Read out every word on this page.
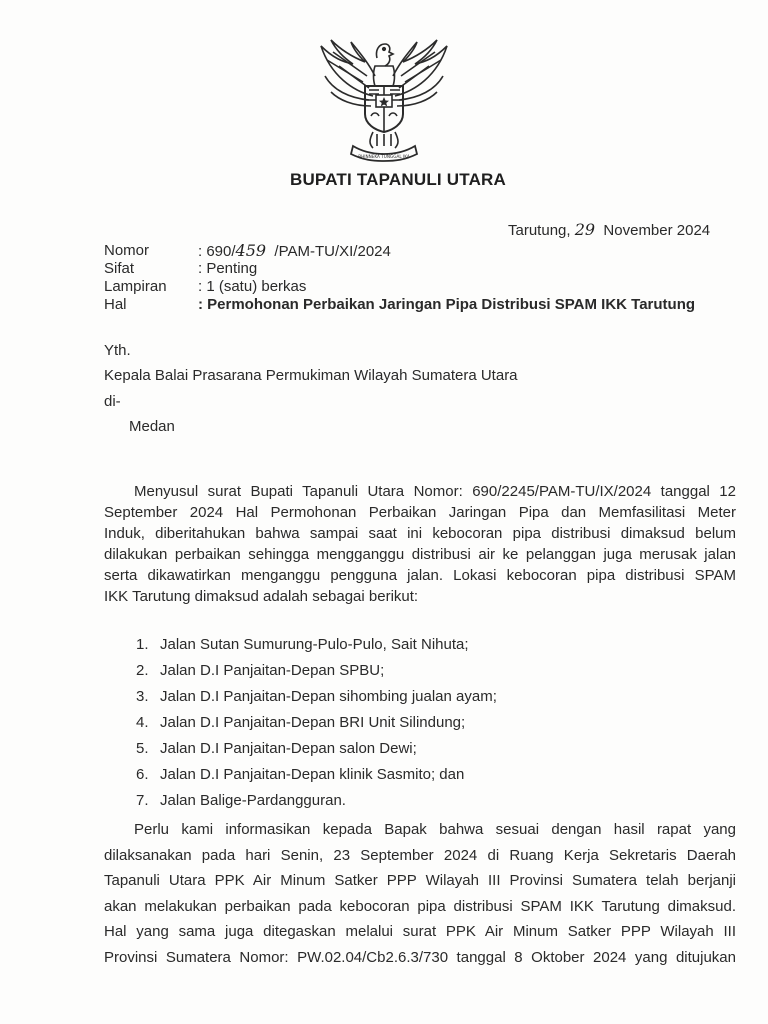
BHINNEKA TUNGGAL IKA
BUPATI TAPANULI UTARA
Tarutung, 29 November 2024
Nomor	: 690/459 /PAM-TU/XI/2024
Sifat	: Penting
Lampiran	: 1 (satu) berkas
Hal	: Permohonan Perbaikan Jaringan Pipa Distribusi SPAM IKK Tarutung
Yth.
Kepala Balai Prasarana Permukiman Wilayah Sumatera Utara
di-
Medan
Menyusul surat Bupati Tapanuli Utara Nomor: 690/2245/PAM-TU/IX/2024 tanggal 12
September 2024 Hal Permohonan Perbaikan Jaringan Pipa dan Memfasilitasi Meter
Induk, diberitahukan bahwa sampai saat ini kebocoran pipa distribusi dimaksud belum
dilakukan perbaikan sehingga mengganggu distribusi air ke pelanggan juga merusak jalan
serta dikawatirkan menganggu pengguna jalan. Lokasi kebocoran pipa distribusi SPAM
IKK Tarutung dimaksud adalah sebagai berikut:
1. Jalan Sutan Sumurung-Pulo-Pulo, Sait Nihuta;
2. Jalan D.I Panjaitan-Depan SPBU;
3. Jalan D.I Panjaitan-Depan sihombing jualan ayam;
4. Jalan D.I Panjaitan-Depan BRI Unit Silindung;
5. Jalan D.I Panjaitan-Depan salon Dewi;
6. Jalan D.I Panjaitan-Depan klinik Sasmito; dan
7. Jalan Balige-Pardangguran.
Perlu kami informasikan kepada Bapak bahwa sesuai dengan hasil rapat yang
dilaksanakan pada hari Senin, 23 September 2024 di Ruang Kerja Sekretaris Daerah
Tapanuli Utara PPK Air Minum Satker PPP Wilayah III Provinsi Sumatera telah berjanji
akan melakukan perbaikan pada kebocoran pipa distribusi SPAM IKK Tarutung dimaksud.
Hal yang sama juga ditegaskan melalui surat PPK Air Minum Satker PPP Wilayah III
Provinsi Sumatera Nomor: PW.02.04/Cb2.6.3/730 tanggal 8 Oktober 2024 yang ditujukan
